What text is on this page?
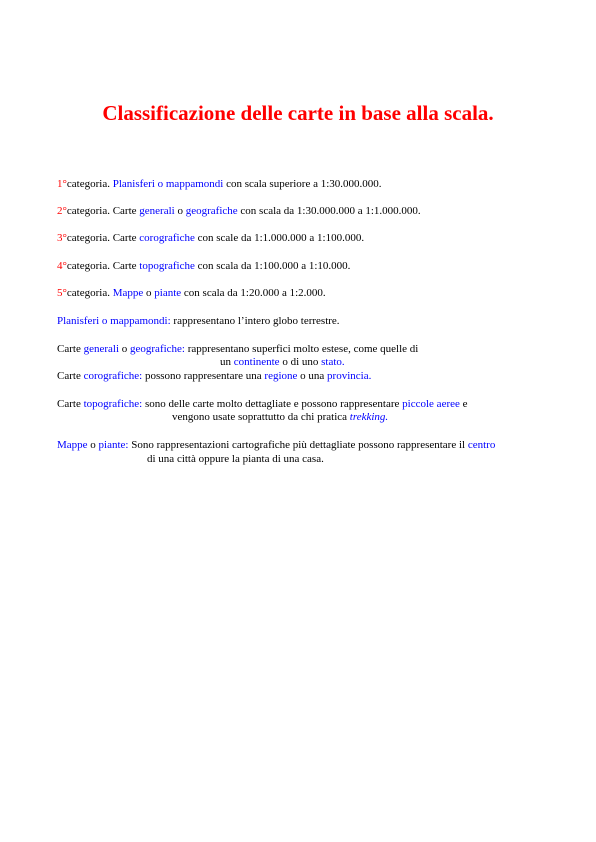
Classificazione delle carte in base alla scala.
1°categoria. Planisferi o mappamondi con scala superiore a 1:30.000.000.
2°categoria. Carte generali o geografiche con scala da 1:30.000.000 a 1:1.000.000.
3°categoria. Carte corografiche con scale da 1:1.000.000 a 1:100.000.
4°categoria. Carte topografiche con scala da 1:100.000 a 1:10.000.
5°categoria. Mappe o piante con scala da 1:20.000 a 1:2.000.
Planisferi o mappamondi: rappresentano l’intero globo terrestre.
Carte generali o geografiche: rappresentano superfici molto estese, come quelle di
un continente o di uno stato.
Carte corografiche: possono rappresentare una regione o una provincia.
Carte topografiche: sono delle carte molto dettagliate e possono rappresentare piccole aeree e
vengono usate soprattutto da chi pratica trekking.
Mappe o piante: Sono rappresentazioni cartografiche più dettagliate possono rappresentare il centro
di una città oppure la pianta di una casa.
